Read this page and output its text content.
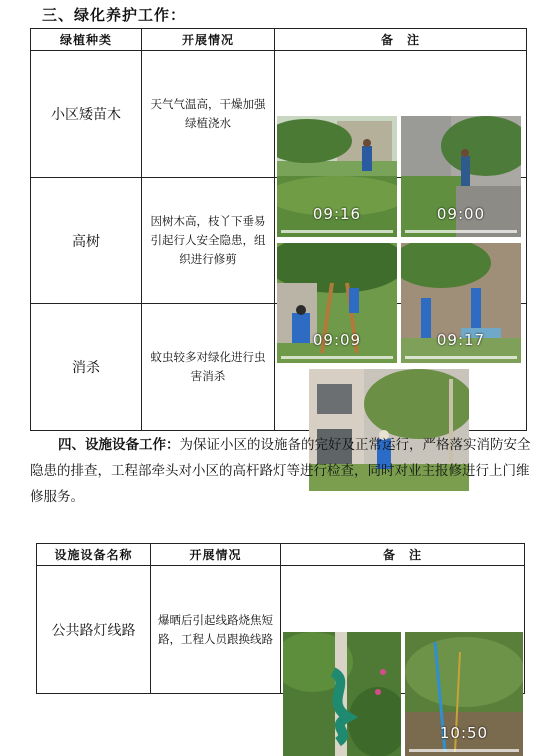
三、绿化养护工作：
绿植种类	开展情况	备　注
小区矮苗木	天气气温高，干燥加强绿植浇水	09:16 09:00

高树	因树木高，枝丫下垂易引起行人安全隐患，组织进行修剪	09:09 09:17

消杀	蚊虫较多对绿化进行虫害消杀	
四、设施设备工作：为保证小区的设施备的完好及正常运行，严格落实消防安全隐患的排查，工程部牵头对小区的高杆路灯等进行检查，同时对业主报修进行上门维修服务。
设施设备名称	开展情况	备　注
公共路灯线路	爆晒后引起线路烧焦短路，工程人员跟换线路	10:50
